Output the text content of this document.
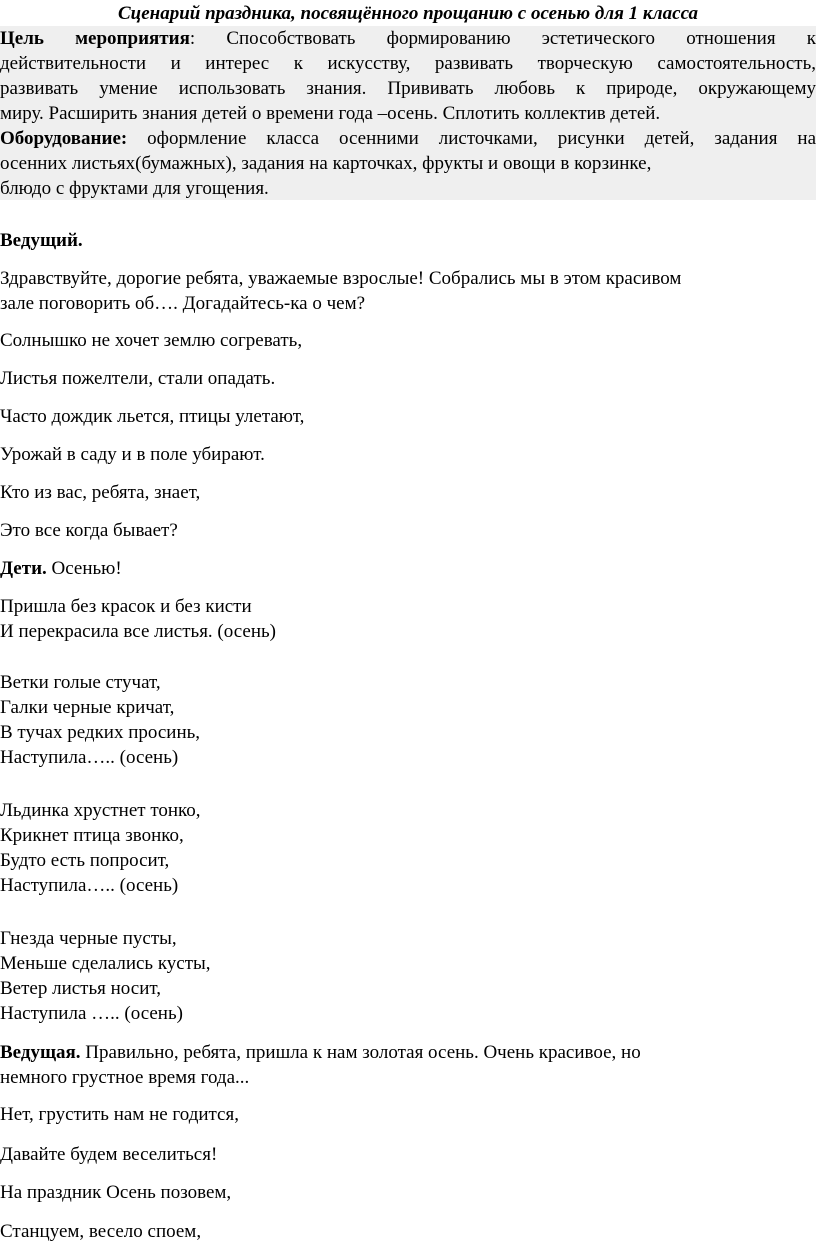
Сценарий праздника, посвящённого прощанию с осенью для 1 класса
Цель мероприятия: Способствовать формированию эстетического отношения к
действительности и интерес к искусству, развивать творческую самостоятельность,
развивать умение использовать знания. Прививать любовь к природе, окружающему
миру. Расширить знания детей о времени года –осень. Сплотить коллектив детей.
Оборудование: оформление класса осенними листочками, рисунки детей, задания на
осенних листьях(бумажных), задания на карточках, фрукты и овощи в корзинке,
блюдо с фруктами для угощения.
Ведущий.
Здравствуйте, дорогие ребята, уважаемые взрослые! Собрались мы в этом красивом
зале поговорить об…. Догадайтесь-ка о чем?
Солнышко не хочет землю согревать,
Листья пожелтели, стали опадать.
Часто дождик льется, птицы улетают,
Урожай в саду и в поле убирают.
Кто из вас, ребята, знает,
Это все когда бывает?
Дети. Осенью!
Пришла без красок и без кисти
И перекрасила все листья. (осень)
Ветки голые стучат,
Галки черные кричат,
В тучах редких просинь,
Наступила….. (осень)
Льдинка хрустнет тонко,
Крикнет птица звонко,
Будто есть попросит,
Наступила….. (осень)
Гнезда черные пусты,
Меньше сделались кусты,
Ветер листья носит,
Наступила ….. (осень)
Ведущая. Правильно, ребята, пришла к нам золотая осень. Очень красивое, но
немного грустное время года...
Нет, грустить нам не годится,
Давайте будем веселиться!
На праздник Осень позовем,
Станцуем, весело споем,
